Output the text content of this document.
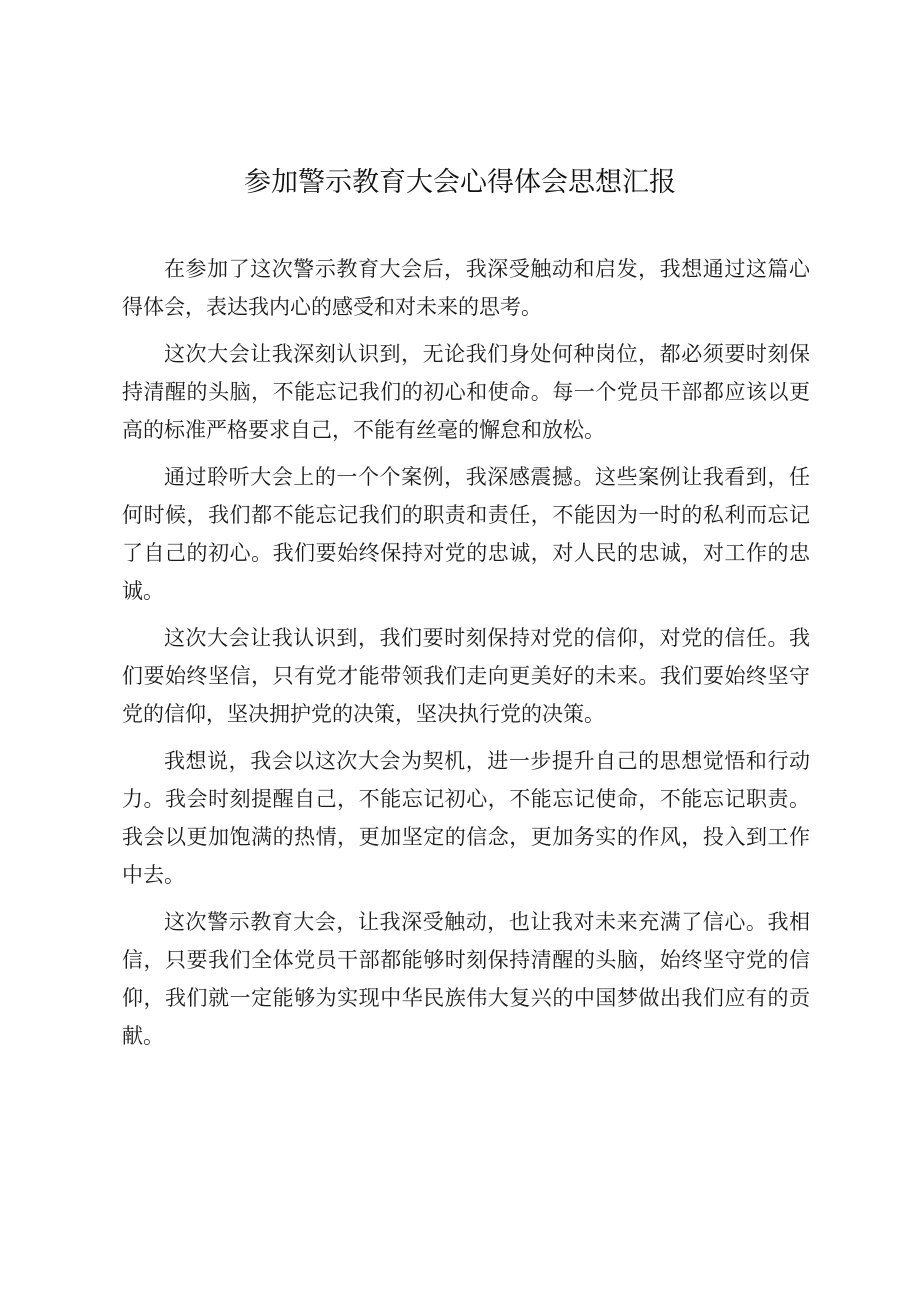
参加警示教育大会心得体会思想汇报

在参加了这次警示教育大会后，我深受触动和启发，我想通过这篇心得体会，表达我内心的感受和对未来的思考。

这次大会让我深刻认识到，无论我们身处何种岗位，都必须要时刻保持清醒的头脑，不能忘记我们的初心和使命。每一个党员干部都应该以更高的标准严格要求自己，不能有丝毫的懈怠和放松。

通过聆听大会上的一个个案例，我深感震撼。这些案例让我看到，任何时候，我们都不能忘记我们的职责和责任，不能因为一时的私利而忘记了自己的初心。我们要始终保持对党的忠诚，对人民的忠诚，对工作的忠诚。

这次大会让我认识到，我们要时刻保持对党的信仰，对党的信任。我们要始终坚信，只有党才能带领我们走向更美好的未来。我们要始终坚守党的信仰，坚决拥护党的决策，坚决执行党的决策。

我想说，我会以这次大会为契机，进一步提升自己的思想觉悟和行动力。我会时刻提醒自己，不能忘记初心，不能忘记使命，不能忘记职责。我会以更加饱满的热情，更加坚定的信念，更加务实的作风，投入到工作中去。

这次警示教育大会，让我深受触动，也让我对未来充满了信心。我相信，只要我们全体党员干部都能够时刻保持清醒的头脑，始终坚守党的信仰，我们就一定能够为实现中华民族伟大复兴的中国梦做出我们应有的贡献。
